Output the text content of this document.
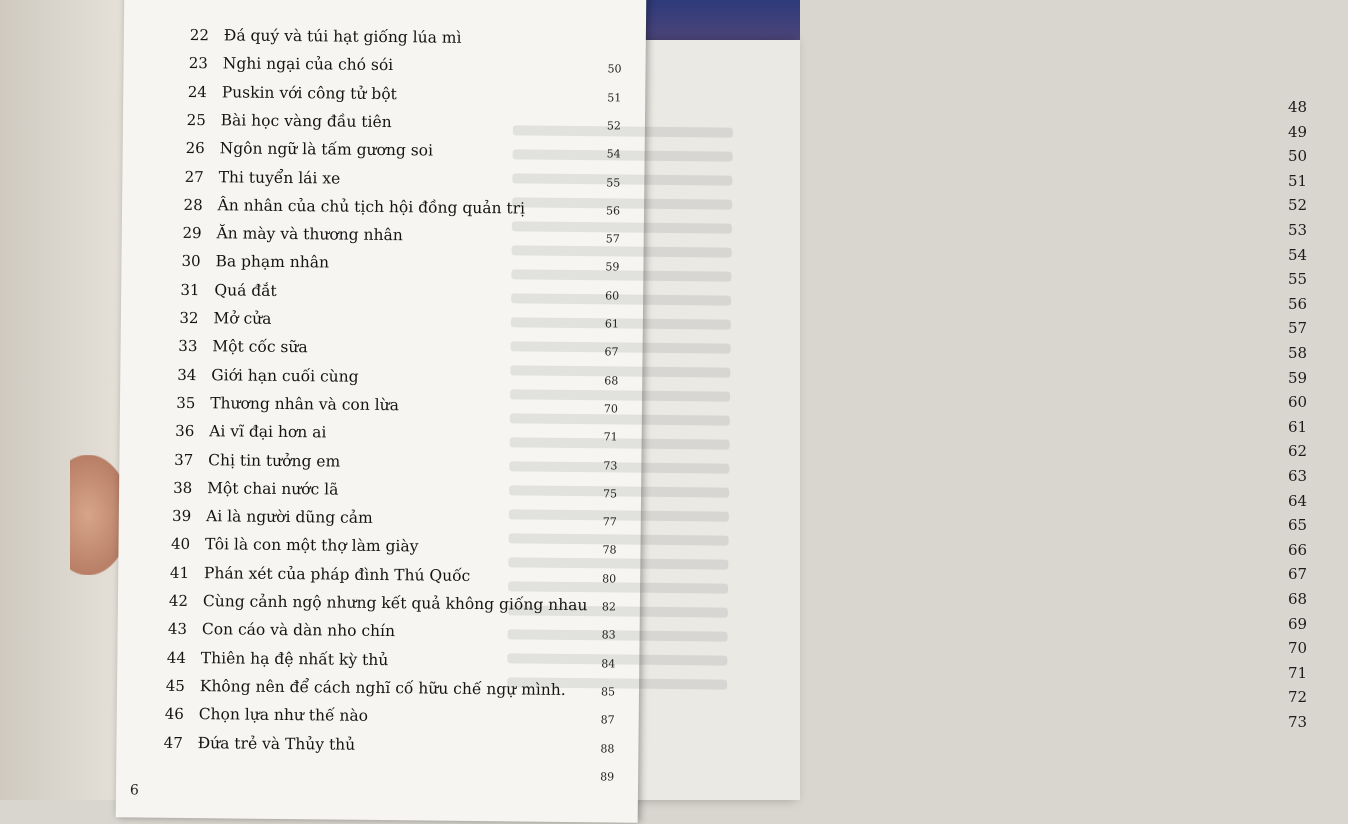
48
49
50
51
52
53
54
55
56
57
58
59
60
61
62
63
64
65
66
67
68
69
70
71
72
73
22 Đá quý và túi hạt giống lúa mì
23 Nghi ngại của chó sói	50
24 Puskin với công tử bột	51
25 Bài học vàng đầu tiên	52
26 Ngôn ngữ là tấm gương soi	54
27 Thi tuyển lái xe	55
28 Ân nhân của chủ tịch hội đồng quản trị	56
29 Ăn mày và thương nhân	57
30 Ba phạm nhân	59
31 Quá đắt	60
32 Mở cửa	61
33 Một cốc sữa	67
34 Giới hạn cuối cùng	68
35 Thương nhân và con lừa	70
36 Ai vĩ đại hơn ai	71
37 Chị tin tưởng em	73
38 Một chai nước lã	75
39 Ai là người dũng cảm	77
40 Tôi là con một thợ làm giày	78
41 Phán xét của pháp đình Thú Quốc	80
42 Cùng cảnh ngộ nhưng kết quả không giống nhau 82
43 Con cáo và dàn nho chín	83
44 Thiên hạ đệ nhất kỳ thủ	84
45 Không nên để cách nghĩ cố hữu chế ngự mình.	85
46 Chọn lựa như thế nào	87
47 Đứa trẻ và Thủy thủ	88
89
6
